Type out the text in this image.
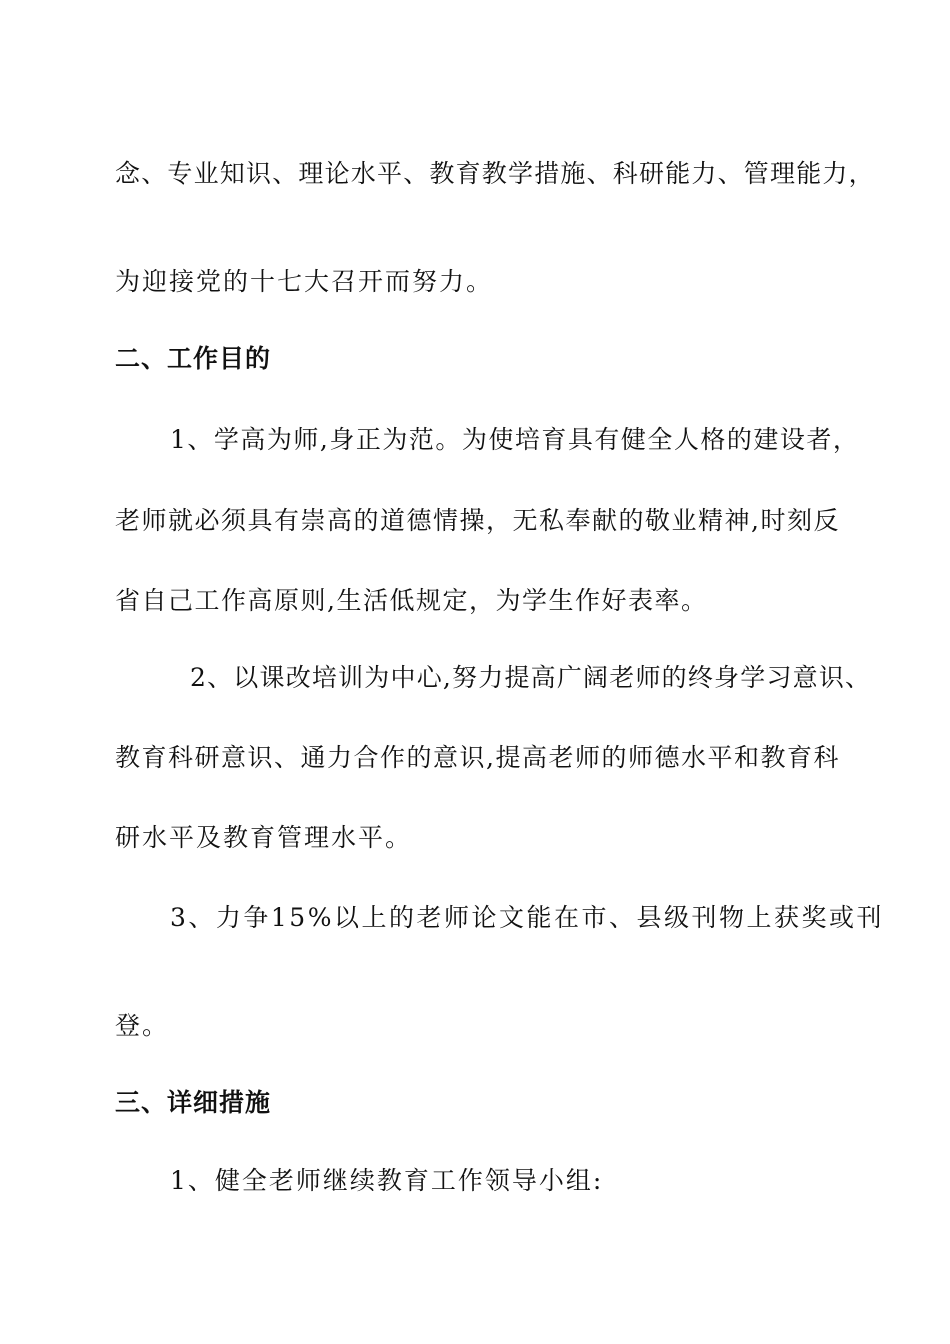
念、专业知识、理论水平、教育教学措施、科研能力、管理能力，

为迎接党的十七大召开而努力。

二、工作目的

1、学高为师,身正为范。为使培育具有健全人格的建设者，

老师就必须具有崇高的道德情操，无私奉献的敬业精神,时刻反

省自己工作高原则,生活低规定，为学生作好表率。

2、以课改培训为中心,努力提高广阔老师的终身学习意识、

教育科研意识、通力合作的意识,提高老师的师德水平和教育科

研水平及教育管理水平。

3、力争15%以上的老师论文能在市、县级刊物上获奖或刊

登。

三、详细措施

1、健全老师继续教育工作领导小组:
